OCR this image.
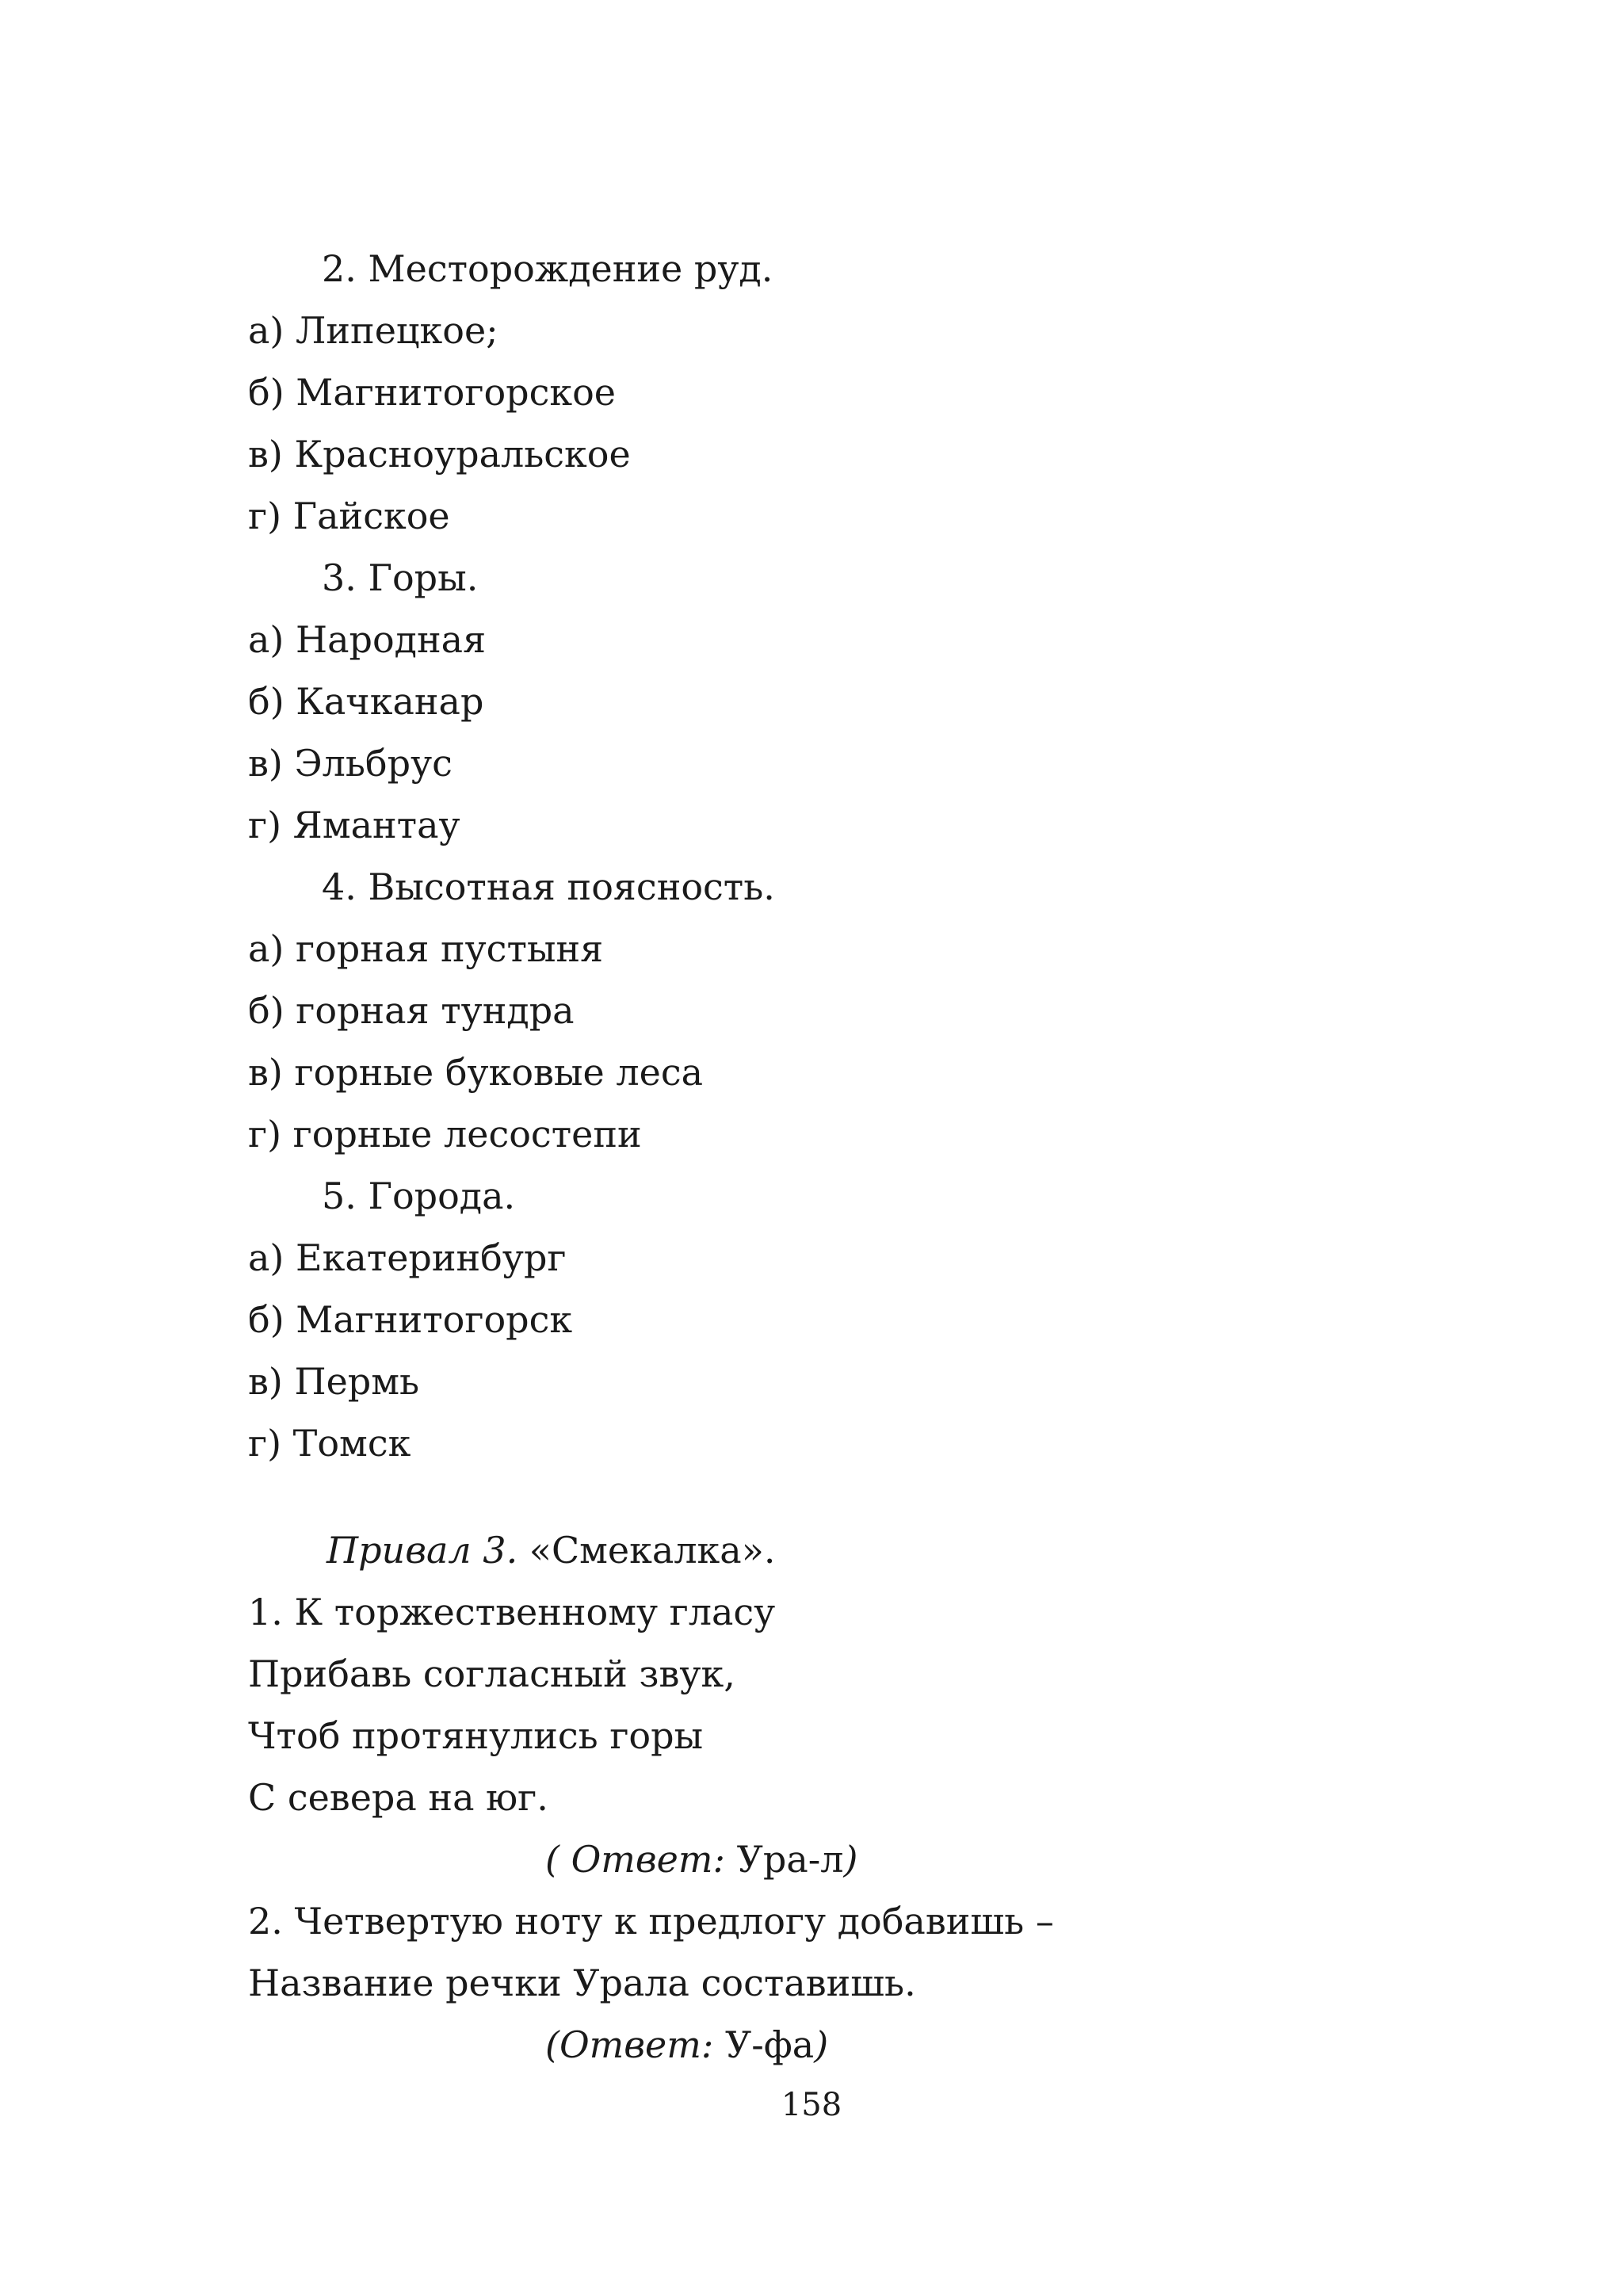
2. Месторождение руд.
а) Липецкое;
б) Магнитогорское
в) Красноуральское
г) Гайское
3. Горы.
а) Народная
б) Качканар
в) Эльбрус
г) Ямантау
4. Высотная поясность.
а) горная пустыня
б) горная тундра
в) горные буковые леса
г) горные лесостепи
5. Города.
а) Екатеринбург
б) Магнитогорск
в) Пермь
г) Томск
Привал 3. «Смекалка».
1. К торжественному гласу
Прибавь согласный звук,
Чтоб протянулись горы
С севера на юг.
( Ответ: Ура-л)
2. Четвертую ноту к предлогу добавишь –
Название речки Урала составишь.
(Ответ: У-фа)
158
